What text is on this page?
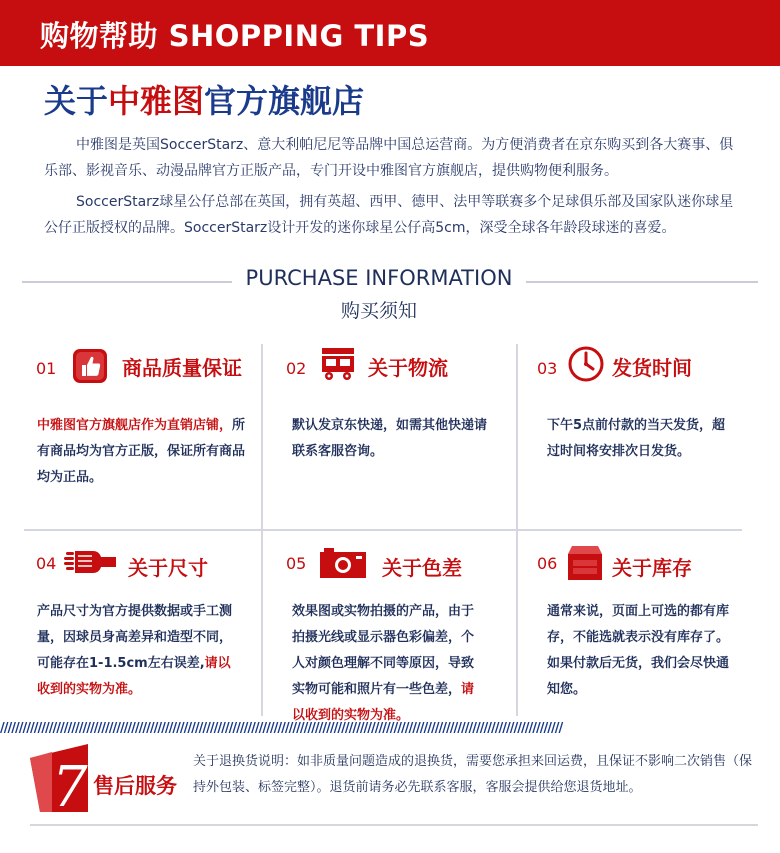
购物帮助 SHOPPING TIPS
关于中雅图官方旗舰店

中雅图是英国SoccerStarz、意大利帕尼尼等品牌中国总运营商。为方便消费者在京东购买到各大赛事、俱乐部、影视音乐、动漫品牌官方正版产品，专门开设中雅图官方旗舰店，提供购物便利服务。

SoccerStarz球星公仔总部在英国，拥有英超、西甲、德甲、法甲等联赛多个足球俱乐部及国家队迷你球星公仔正版授权的品牌。SoccerStarz设计开发的迷你球星公仔高5cm，深受全球各年龄段球迷的喜爱。

PURCHASE INFORMATION
购买须知
01	商品质量保证
中雅图官方旗舰店作为直销店铺，所有商品均为官方正版，保证所有商品均为正品。
02	关于物流
默认发京东快递，如需其他快递请联系客服咨询。
03	发货时间
下午5点前付款的当天发货，超过时间将安排次日发货。
04	关于尺寸
产品尺寸为官方提供数据或手工测量，因球员身高差异和造型不同，可能存在1-1.5cm左右误差,请以收到的实物为准。
05	关于色差
效果图或实物拍摄的产品，由于拍摄光线或显示器色彩偏差，个人对颜色理解不同等原因，导致实物可能和照片有一些色差，请以收到的实物为准。
06	关于库存
通常来说，页面上可选的都有库存，不能选就表示没有库存了。如果付款后无货，我们会尽快通知您。
//////////////////////////////////////////////////////////////////////////////////////////////////////////////////////////////////////////////////////
7 售后服务
关于退换货说明：如非质量问题造成的退换货，需要您承担来回运费，且保证不影响二次销售（保持外包装、标签完整）。退货前请务必先联系客服，客服会提供给您退货地址。
